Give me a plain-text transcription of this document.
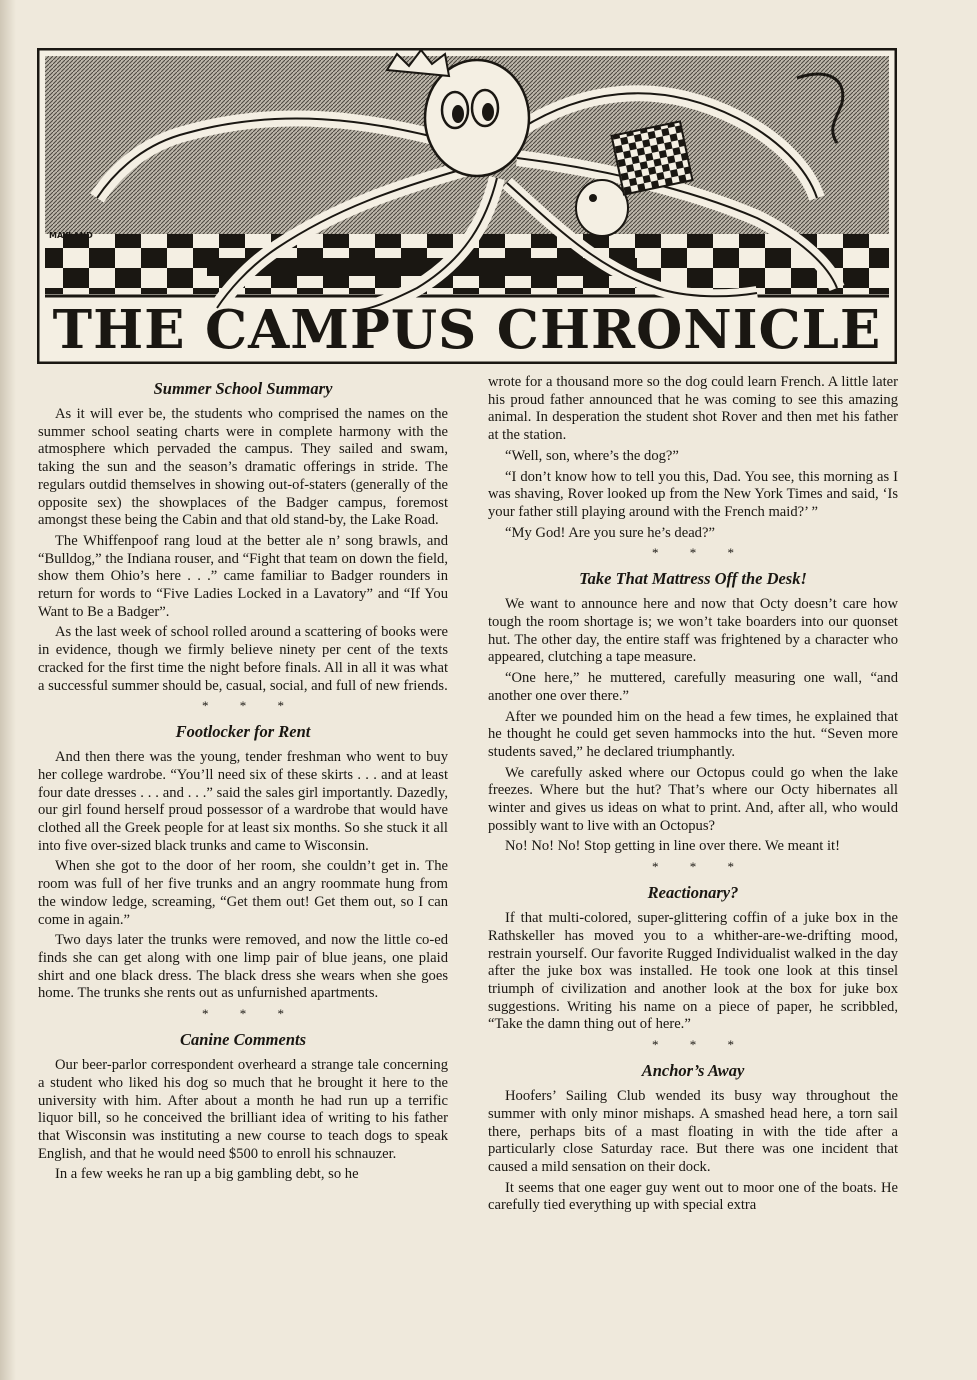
THE CAMPUS CHRONICLE
MAYLAND
Summer School Summary

As it will ever be, the students who comprised the names on the summer school seating charts were in complete harmony with the atmosphere which pervaded the campus. They sailed and swam, taking the sun and the season’s dramatic offerings in stride. The regulars outdid themselves in showing out-of-staters (generally of the opposite sex) the showplaces of the Badger campus, foremost amongst these being the Cabin and that old stand-by, the Lake Road.

The Whiffenpoof rang loud at the better ale n’ song brawls, and “Bulldog,” the Indiana rouser, and “Fight that team on down the field, show them Ohio’s here . . .” came familiar to Badger rounders in return for words to “Five Ladies Locked in a Lavatory” and “If You Want to Be a Badger”.

As the last week of school rolled around a scattering of books were in evidence, though we firmly believe ninety per cent of the texts cracked for the first time the night before finals. All in all it was what a successful summer should be, casual, social, and full of new friends.

* * *
Footlocker for Rent

And then there was the young, tender freshman who went to buy her college wardrobe. “You’ll need six of these skirts . . . and at least four date dresses . . . and . . .” said the sales girl importantly. Dazedly, our girl found herself proud possessor of a wardrobe that would have clothed all the Greek people for at least six months. So she stuck it all into five over-sized black trunks and came to Wisconsin.

When she got to the door of her room, she couldn’t get in. The room was full of her five trunks and an angry roommate hung from the window ledge, screaming, “Get them out! Get them out, so I can come in again.”

Two days later the trunks were removed, and now the little co-ed finds she can get along with one limp pair of blue jeans, one plaid shirt and one black dress. The black dress she wears when she goes home. The trunks she rents out as unfurnished apartments.

* * *
Canine Comments

Our beer-parlor correspondent overheard a strange tale concerning a student who liked his dog so much that he brought it here to the university with him. After about a month he had run up a terrific liquor bill, so he conceived the brilliant idea of writing to his father that Wisconsin was instituting a new course to teach dogs to speak English, and that he would need $500 to enroll his schnauzer.

In a few weeks he ran up a big gambling debt, so he

wrote for a thousand more so the dog could learn French. A little later his proud father announced that he was coming to see this amazing animal. In desperation the student shot Rover and then met his father at the station.

“Well, son, where’s the dog?”

“I don’t know how to tell you this, Dad. You see, this morning as I was shaving, Rover looked up from the New York Times and said, ‘Is your father still playing around with the French maid?’ ”

“My God! Are you sure he’s dead?”

* * *
Take That Mattress Off the Desk!

We want to announce here and now that Octy doesn’t care how tough the room shortage is; we won’t take boarders into our quonset hut. The other day, the entire staff was frightened by a character who appeared, clutching a tape measure.

“One here,” he muttered, carefully measuring one wall, “and another one over there.”

After we pounded him on the head a few times, he explained that he thought he could get seven hammocks into the hut. “Seven more students saved,” he declared triumphantly.

We carefully asked where our Octopus could go when the lake freezes. Where but the hut? That’s where our Octy hibernates all winter and gives us ideas on what to print. And, after all, who would possibly want to live with an Octopus?

No! No! No! Stop getting in line over there. We meant it!

* * *
Reactionary?

If that multi-colored, super-glittering coffin of a juke box in the Rathskeller has moved you to a whither-are-we-drifting mood, restrain yourself. Our favorite Rugged Individualist walked in the day after the juke box was installed. He took one look at this tinsel triumph of civilization and another look at the box for juke box suggestions. Writing his name on a piece of paper, he scribbled, “Take the damn thing out of here.”

* * *
Anchor’s Away

Hoofers’ Sailing Club wended its busy way throughout the summer with only minor mishaps. A smashed head here, a torn sail there, perhaps bits of a mast floating in with the tide after a particularly close Saturday race. But there was one incident that caused a mild sensation on their dock.

It seems that one eager guy went out to moor one of the boats. He carefully tied everything up with special extra
